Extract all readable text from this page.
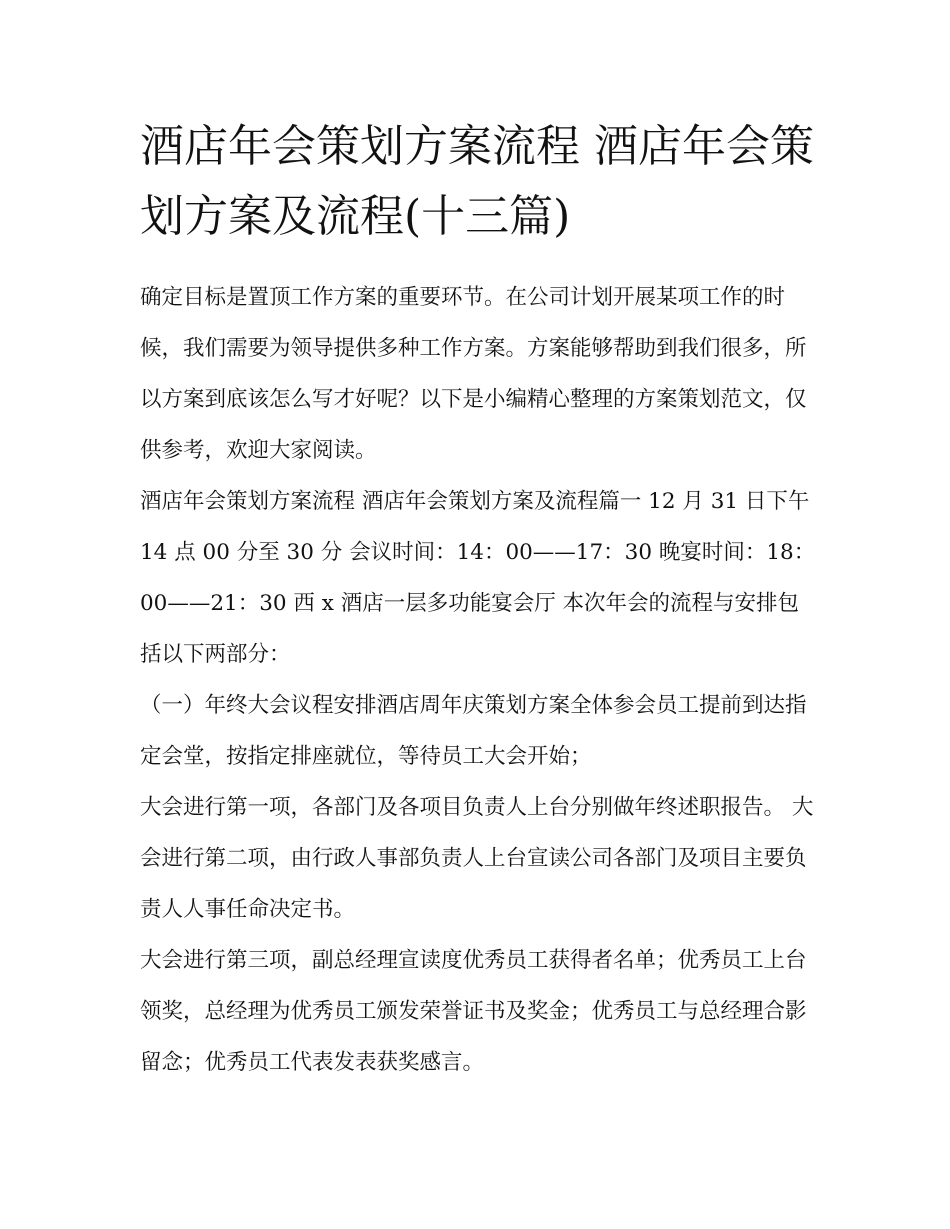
酒店年会策划方案流程 酒店年会策划方案及流程(十三篇)

确定目标是置顶工作方案的重要环节。在公司计划开展某项工作的时候，我们需要为领导提供多种工作方案。方案能够帮助到我们很多，所以方案到底该怎么写才好呢？以下是小编精心整理的方案策划范文，仅供参考，欢迎大家阅读。

酒店年会策划方案流程 酒店年会策划方案及流程篇一 12 月 31 日下午 14 点 00 分至 30 分 会议时间：14：00——17：30 晚宴时间：18：00——21：30 西 x 酒店一层多功能宴会厅 本次年会的流程与安排包括以下两部分：

（一）年终大会议程安排酒店周年庆策划方案全体参会员工提前到达指定会堂，按指定排座就位，等待员工大会开始；

大会进行第一项，各部门及各项目负责人上台分别做年终述职报告。 大会进行第二项，由行政人事部负责人上台宣读公司各部门及项目主要负责人人事任命决定书。

大会进行第三项，副总经理宣读度优秀员工获得者名单；优秀员工上台领奖，总经理为优秀员工颁发荣誉证书及奖金；优秀员工与总经理合影留念；优秀员工代表发表获奖感言。
